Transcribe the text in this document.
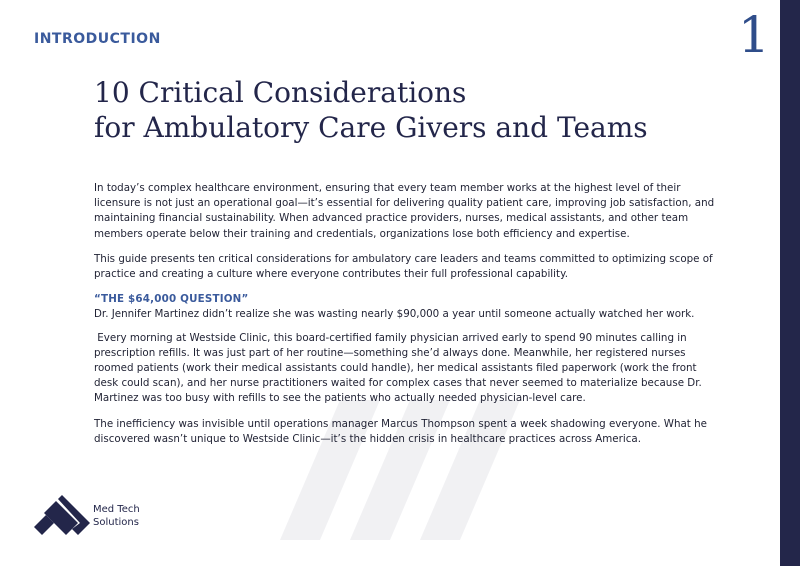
INTRODUCTION	1
10 Critical Considerations
for Ambulatory Care Givers and Teams

In today’s complex healthcare environment, ensuring that every team member works at the highest level of their licensure is not just an operational goal—it’s essential for delivering quality patient care, improving job satisfaction, and maintaining financial sustainability. When advanced practice providers, nurses, medical assistants, and other team members operate below their training and credentials, organizations lose both efficiency and expertise.

This guide presents ten critical considerations for ambulatory care leaders and teams committed to optimizing scope of practice and creating a culture where everyone contributes their full professional capability.

“THE $64,000 QUESTION”
Dr. Jennifer Martinez didn’t realize she was wasting nearly $90,000 a year until someone actually watched her work.

Every morning at Westside Clinic, this board-certified family physician arrived early to spend 90 minutes calling in prescription refills. It was just part of her routine—something she’d always done. Meanwhile, her registered nurses roomed patients (work their medical assistants could handle), her medical assistants filed paperwork (work the front desk could scan), and her nurse practitioners waited for complex cases that never seemed to materialize because Dr. Martinez was too busy with refills to see the patients who actually needed physician-level care.

The inefficiency was invisible until operations manager Marcus Thompson spent a week shadowing everyone. What he discovered wasn’t unique to Westside Clinic—it’s the hidden crisis in healthcare practices across America.

Med Tech
Solutions
